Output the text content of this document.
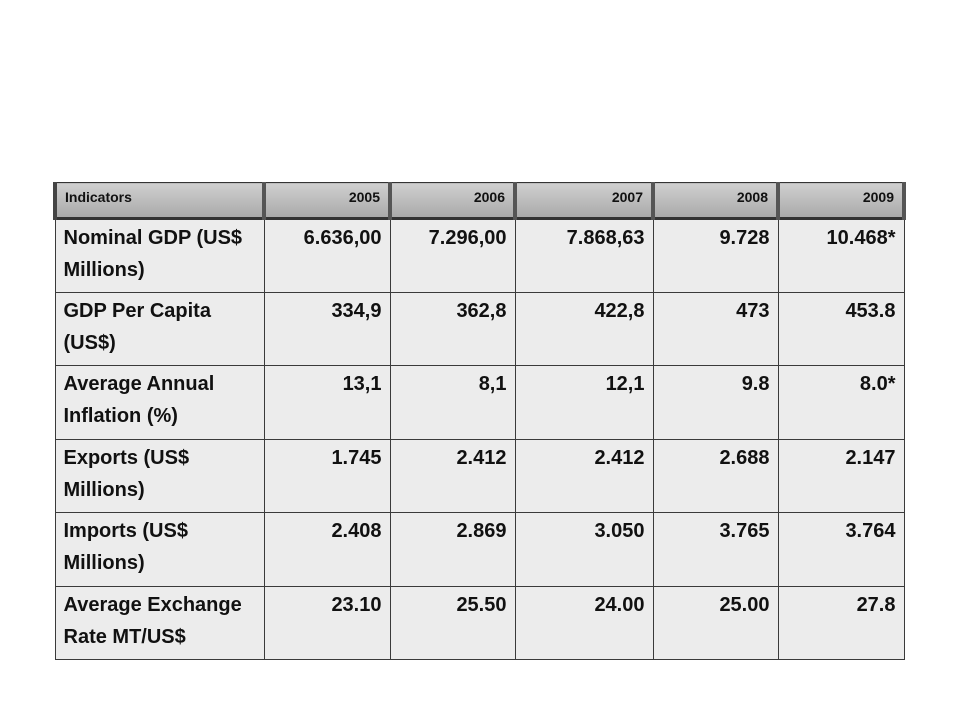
Indicators	2005	2006	2007	2008	2009
Nominal GDP (US$ Millions)	6.636,00	7.296,00	7.868,63	9.728	10.468*
GDP Per Capita (US$)	334,9	362,8	422,8	473	453.8
Average Annual Inflation (%)	13,1	8,1	12,1	9.8	8.0*
Exports (US$ Millions)	1.745	2.412	2.412	2.688	2.147
Imports (US$ Millions)	2.408	2.869	3.050	3.765	3.764
Average Exchange Rate MT/US$	23.10	25.50	24.00	25.00	27.8
